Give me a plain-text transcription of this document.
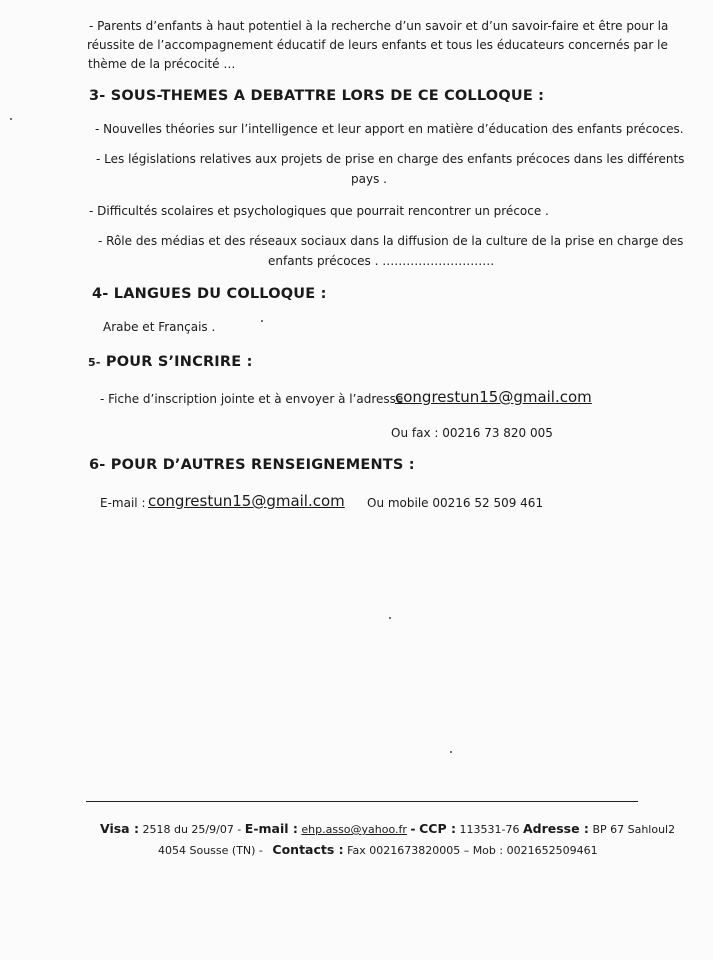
- Parents d’enfants à haut potentiel à la recherche d’un savoir et d’un savoir-faire et être pour la
réussite de l’accompagnement éducatif de leurs enfants et tous les éducateurs concernés par le
thème de la précocité …
3- SOUS-THEMES A DEBATTRE LORS DE CE COLLOQUE :
- Nouvelles théories sur l’intelligence et leur apport en matière d’éducation des enfants précoces.
- Les législations relatives aux projets de prise en charge des enfants précoces dans les différents
pays .
- Difficultés scolaires et psychologiques que pourrait rencontrer un précoce .
- Rôle des médias et des réseaux sociaux dans la diffusion de la culture de la prise en charge des
enfants précoces . ……………………….
4- LANGUES DU COLLOQUE :
Arabe et Français .
5- POUR S’INCRIRE :
- Fiche d’inscription jointe et à envoyer à l’adresse
congrestun15@gmail.com
Ou fax : 00216 73 820 005
6- POUR D’AUTRES RENSEIGNEMENTS :
E-mail : congrestun15@gmail.com Ou mobile 00216 52 509 461
Visa : 2518 du 25/9/07 - E-mail : ehp.asso@yahoo.fr - CCP : 113531-76 Adresse : BP 67 Sahloul2
4054 Sousse (TN) - Contacts : Fax 0021673820005 – Mob : 0021652509461
